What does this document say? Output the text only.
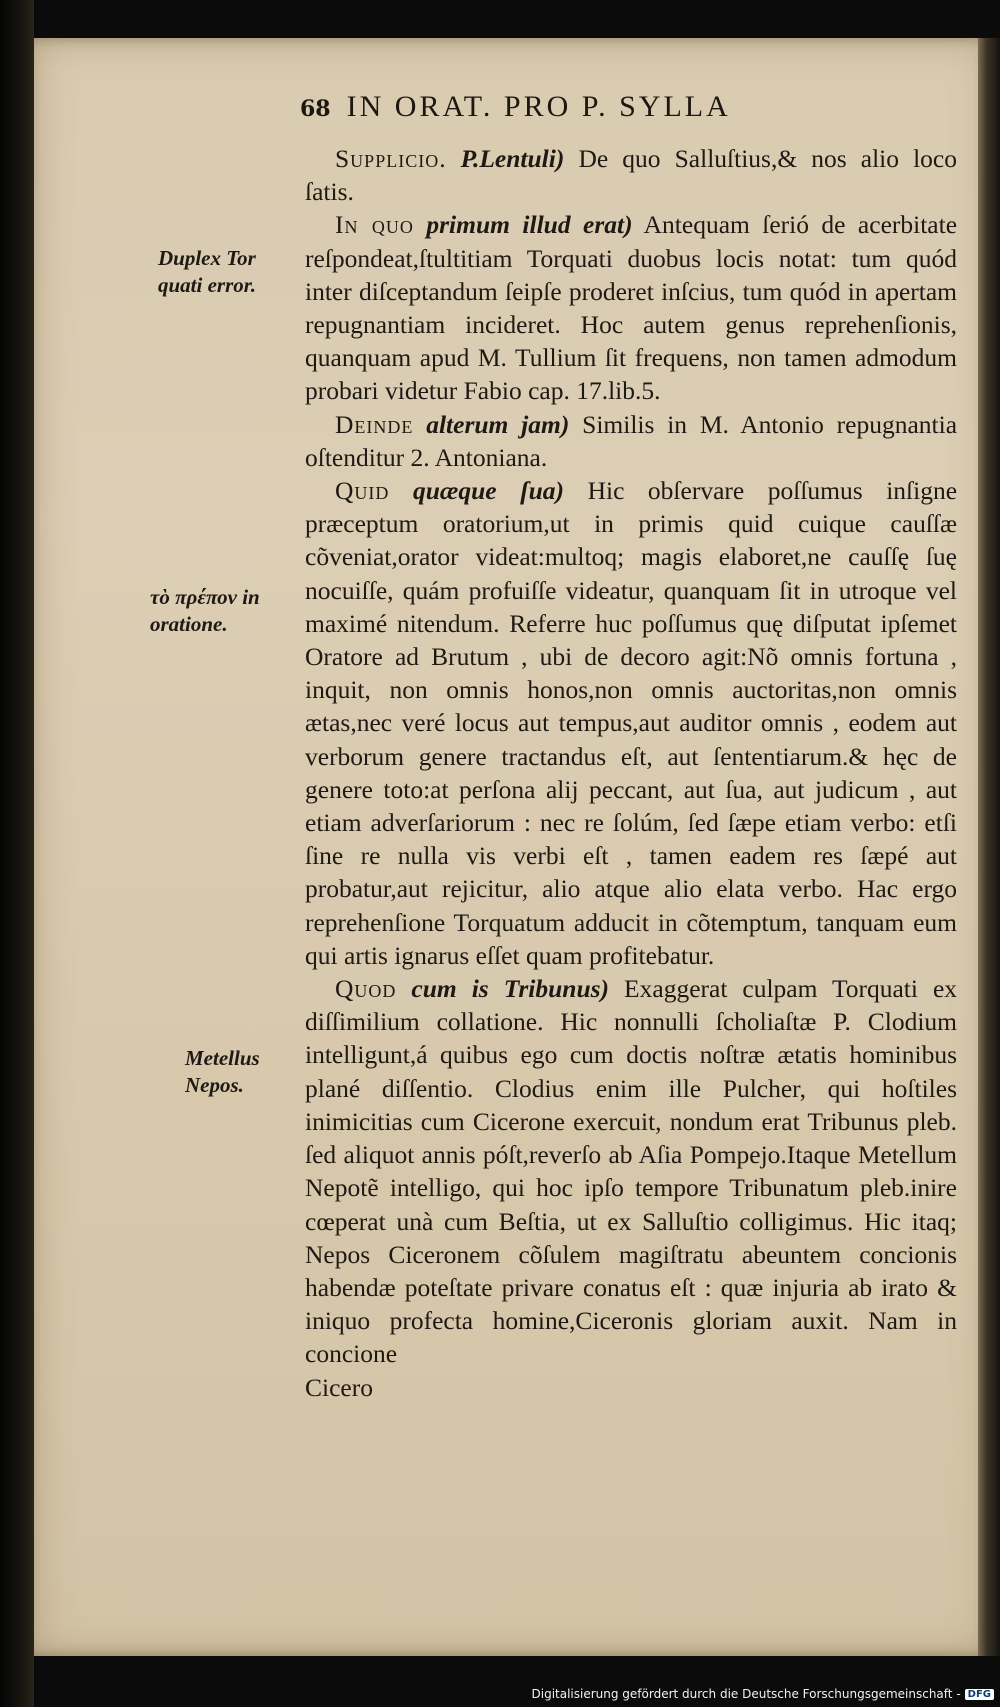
68 IN ORAT. PRO P. SYLLA
Duplex Tor quati error.
τὸ πρέπον in oratione.
Metellus Nepos.

Supplicio. P.Lentuli) De quo Salluſtius,& nos alio loco ſatis.

In quo primum illud erat) Antequam ſerió de acerbitate reſpondeat,ſtultitiam Torquati duobus locis notat: tum quód inter diſceptandum ſeipſe proderet inſcius, tum quód in apertam repugnantiam incideret. Hoc autem genus reprehenſionis, quanquam apud M. Tullium ſit frequens, non tamen admodum probari videtur Fabio cap. 17.lib.5.

Deinde alterum jam) Similis in M. Antonio repugnantia oſtenditur 2. Antoniana.

Quid quæque ſua) Hic obſervare poſſumus inſigne præceptum oratorium,ut in primis quid cuique cauſſæ cõveniat,orator videat:multoq; magis elaboret,ne cauſſę ſuę nocuiſſe, quám profuiſſe videatur, quanquam ſit in utroque vel maximé nitendum. Referre huc poſſumus quę diſputat ipſemet Oratore ad Brutum , ubi de decoro agit:Nõ omnis fortuna , inquit, non omnis honos,non omnis auctoritas,non omnis ætas,nec veré locus aut tempus,aut auditor omnis , eodem aut verborum genere tractandus eſt, aut ſententiarum.& hęc de genere toto:at perſona alij peccant, aut ſua, aut judicum , aut etiam adverſariorum : nec re ſolúm, ſed ſæpe etiam verbo: etſi ſine re nulla vis verbi eſt , tamen eadem res ſæpé aut probatur,aut rejicitur, alio atque alio elata verbo. Hac ergo reprehenſione Torquatum adducit in cõtemptum, tanquam eum qui artis ignarus eſſet quam profitebatur.

Quod cum is Tribunus) Exaggerat culpam Torquati ex diſſimilium collatione. Hic nonnulli ſcholiaſtæ P. Clodium intelligunt,á quibus ego cum doctis noſtræ ætatis hominibus plané diſſentio. Clodius enim ille Pulcher, qui hoſtiles inimicitias cum Cicerone exercuit, nondum erat Tribunus pleb. ſed aliquot annis póſt,reverſo ab Aſia Pompejo.Itaque Metellum Nepotẽ intelligo, qui hoc ipſo tempore Tribunatum pleb.inire cœperat unà cum Beſtia, ut ex Salluſtio colligimus. Hic itaq; Nepos Ciceronem cõſulem magiſtratu abeuntem concionis habendæ poteſtate privare conatus eſt : quæ injuria ab irato & iniquo profecta homine,Ciceronis gloriam auxit. Nam in concione

Cicero

Digitalisierung gefördert durch die Deutsche Forschungsgemeinschaft - DFG
